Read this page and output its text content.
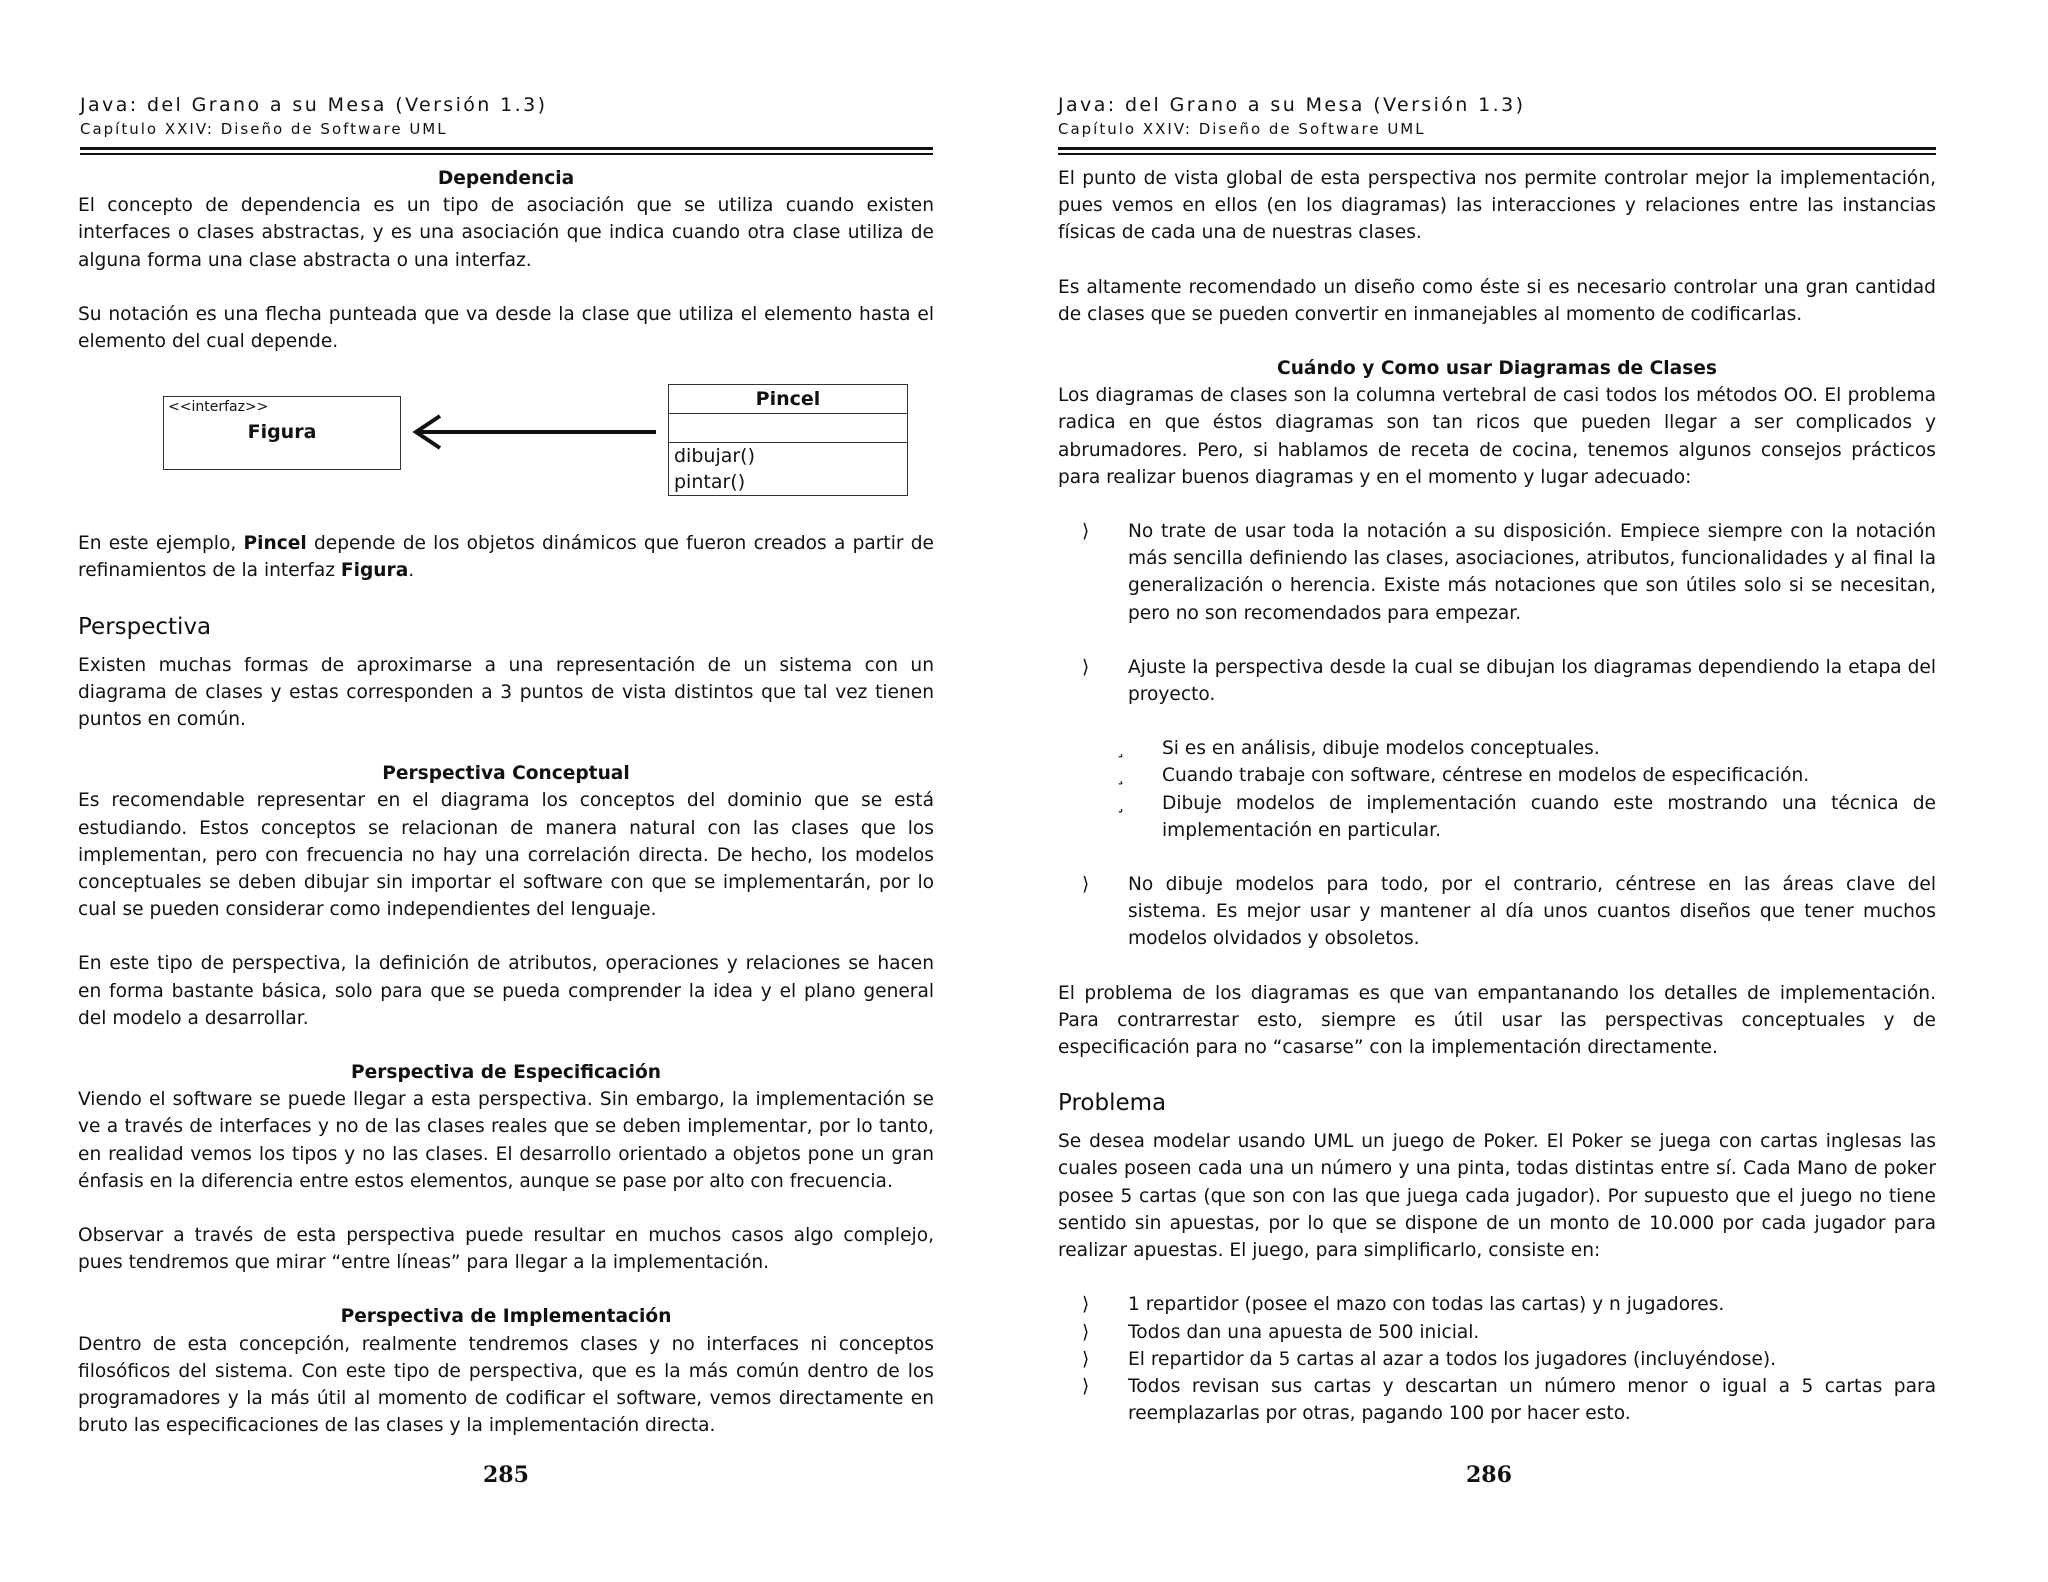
Java: del Grano a su Mesa (Versión 1.3)
Capítulo XXIV: Diseño de Software UML

Dependencia

El concepto de dependencia es un tipo de asociación que se utiliza cuando existen interfaces o clases abstractas, y es una asociación que indica cuando otra clase utiliza de alguna forma una clase abstracta o una interfaz.

Su notación es una flecha punteada que va desde la clase que utiliza el elemento hasta el elemento del cual depende.

<<interfaz>>
Figura
Pincel
dibujar()
pintar()

En este ejemplo, Pincel depende de los objetos dinámicos que fueron creados a partir de refinamientos de la interfaz Figura.

Perspectiva

Existen muchas formas de aproximarse a una representación de un sistema con un diagrama de clases y estas corresponden a 3 puntos de vista distintos que tal vez tienen puntos en común.

Perspectiva Conceptual

Es recomendable representar en el diagrama los conceptos del dominio que se está estudiando. Estos conceptos se relacionan de manera natural con las clases que los implementan, pero con frecuencia no hay una correlación directa. De hecho, los modelos conceptuales se deben dibujar sin importar el software con que se implementarán, por lo cual se pueden considerar como independientes del lenguaje.

En este tipo de perspectiva, la definición de atributos, operaciones y relaciones se hacen en forma bastante básica, solo para que se pueda comprender la idea y el plano general del modelo a desarrollar.

Perspectiva de Especificación

Viendo el software se puede llegar a esta perspectiva. Sin embargo, la implementación se ve a través de interfaces y no de las clases reales que se deben implementar, por lo tanto, en realidad vemos los tipos y no las clases. El desarrollo orientado a objetos pone un gran énfasis en la diferencia entre estos elementos, aunque se pase por alto con frecuencia.

Observar a través de esta perspectiva puede resultar en muchos casos algo complejo, pues tendremos que mirar “entre líneas” para llegar a la implementación.

Perspectiva de Implementación

Dentro de esta concepción, realmente tendremos clases y no interfaces ni conceptos filosóficos del sistema. Con este tipo de perspectiva, que es la más común dentro de los programadores y la más útil al momento de codificar el software, vemos directamente en bruto las especificaciones de las clases y la implementación directa.

285
Java: del Grano a su Mesa (Versión 1.3)
Capítulo XXIV: Diseño de Software UML

El punto de vista global de esta perspectiva nos permite controlar mejor la implementación, pues vemos en ellos (en los diagramas) las interacciones y relaciones entre las instancias físicas de cada una de nuestras clases.

Es altamente recomendado un diseño como éste si es necesario controlar una gran cantidad de clases que se pueden convertir en inmanejables al momento de codificarlas.

Cuándo y Como usar Diagramas de Clases

Los diagramas de clases son la columna vertebral de casi todos los métodos OO. El problema radica en que éstos diagramas son tan ricos que pueden llegar a ser complicados y abrumadores. Pero, si hablamos de receta de cocina, tenemos algunos consejos prácticos para realizar buenos diagramas y en el momento y lugar adecuado:

⟩ No trate de usar toda la notación a su disposición. Empiece siempre con la notación más sencilla definiendo las clases, asociaciones, atributos, funcionalidades y al final la generalización o herencia. Existe más notaciones que son útiles solo si se necesitan, pero no son recomendados para empezar.
⟩ Ajuste la perspectiva desde la cual se dibujan los diagramas dependiendo la etapa del proyecto.
¸ Si es en análisis, dibuje modelos conceptuales.
¸ Cuando trabaje con software, céntrese en modelos de especificación.
¸ Dibuje modelos de implementación cuando este mostrando una técnica de implementación en particular.
⟩ No dibuje modelos para todo, por el contrario, céntrese en las áreas clave del sistema. Es mejor usar y mantener al día unos cuantos diseños que tener muchos modelos olvidados y obsoletos.

El problema de los diagramas es que van empantanando los detalles de implementación. Para contrarrestar esto, siempre es útil usar las perspectivas conceptuales y de especificación para no “casarse” con la implementación directamente.

Problema

Se desea modelar usando UML un juego de Poker. El Poker se juega con cartas inglesas las cuales poseen cada una un número y una pinta, todas distintas entre sí. Cada Mano de poker posee 5 cartas (que son con las que juega cada jugador). Por supuesto que el juego no tiene sentido sin apuestas, por lo que se dispone de un monto de 10.000 por cada jugador para realizar apuestas. El juego, para simplificarlo, consiste en:

⟩ 1 repartidor (posee el mazo con todas las cartas) y n jugadores.
⟩ Todos dan una apuesta de 500 inicial.
⟩ El repartidor da 5 cartas al azar a todos los jugadores (incluyéndose).
⟩ Todos revisan sus cartas y descartan un número menor o igual a 5 cartas para reemplazarlas por otras, pagando 100 por hacer esto.
286
